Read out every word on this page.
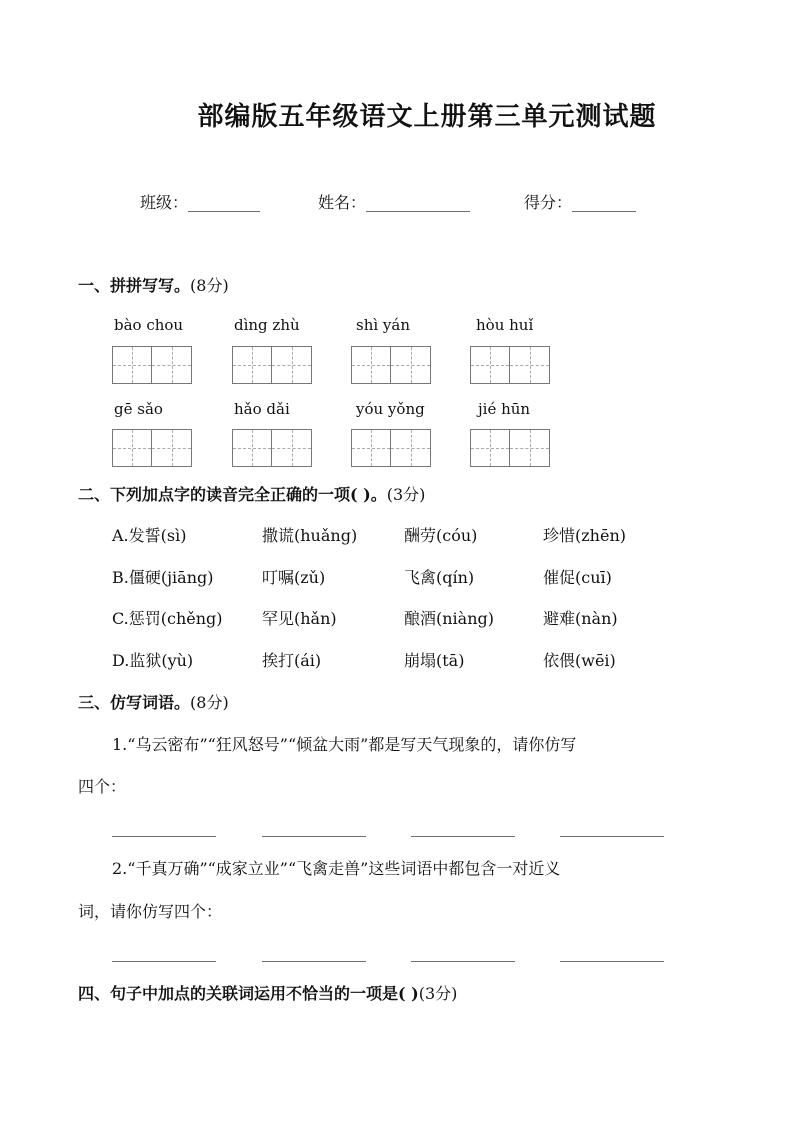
部编版五年级语文上册第三单元测试题
班级：_________	姓名：_____________	得分：________
一、拼拼写写。(8分)
bào chou	dìng zhù	shì yán	hòu huǐ
gē sǎo	hǎo dǎi	yóu yǒng	jié hūn
二、下列加点字的读音完全正确的一项( )。(3分)
A.发誓(sì)	撒谎(huǎng)	酬劳(cóu)	珍惜(zhēn)
B.僵硬(jiāng)	叮嘱(zǔ)	飞禽(qín)	催促(cuī)
C.惩罚(chěng) 罕见(hǎn)	酿酒(niàng)	避难(nàn)
D.监狱(yù)	挨打(ái)	崩塌(tā)	依偎(wēi)
三、仿写词语。(8分)
1.“乌云密布”“狂风怒号”“倾盆大雨”都是写天气现象的，请你仿写
四个：
_____________	_____________	_____________	_____________
2.“千真万确”“成家立业”“飞禽走兽”这些词语中都包含一对近义
词，请你仿写四个：
_____________	_____________	_____________	_____________
四、句子中加点的关联词运用不恰当的一项是( )(3分)
